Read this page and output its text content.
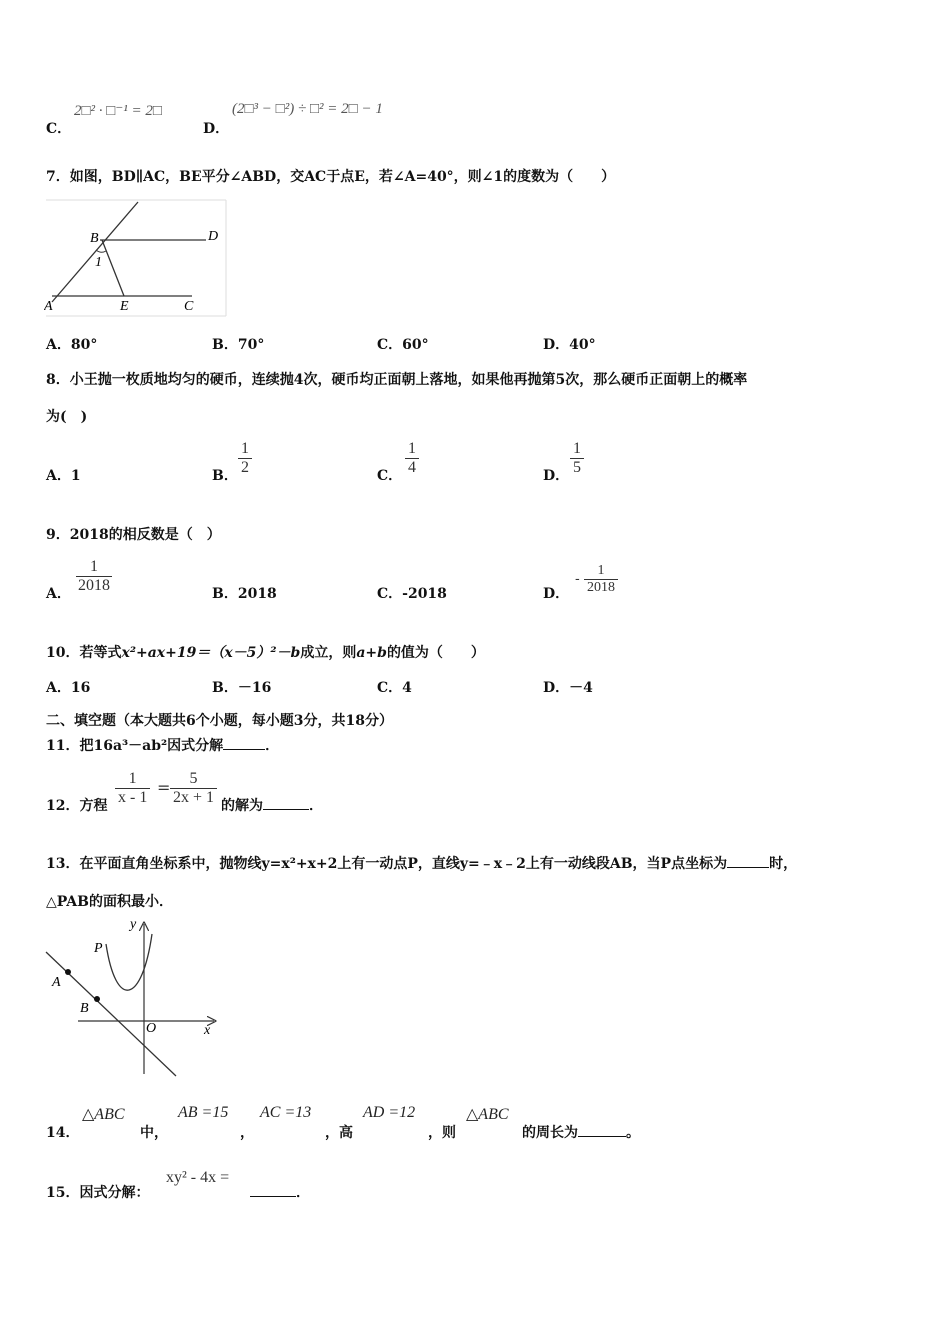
C．
2□² · □⁻¹ = 2□
D．
(2□³ − □²) ÷ □² = 2□ − 1
7．如图，BD∥AC，BE平分∠ABD，交AC于点E，若∠A=40°，则∠1的度数为（　　）
B	D
1
A	E	C
A．80°	B．70°	C．60°	D．40°
8．小王抛一枚质地均匀的硬币，连续抛4次，硬币均正面朝上落地，如果他再抛第5次，那么硬币正面朝上的概率
为(　)
A．1	B． $\frac{1}{2}$	C． $\frac{1}{4}$	D． $\frac{1}{5}$
9．2018的相反数是（　）
A． $\frac{1}{2018}$	B．2018	C．-2018	D．
- $\frac{1}{2018}$
10．若等式x²+ax+19＝（x－5）²－b成立，则a+b的值为（　　）
A．16	B．－16	C．4	D．－4
二、填空题（本大题共6个小题，每小题3分，共18分）
11．把16a³－ab²因式分解	．
12．方程 $\frac{1}{x - 1} = \frac{5}{2x + 1}$ 的解为	．
13．在平面直角坐标系中，抛物线y=x²+x+2上有一动点P，直线y=﹣x﹣2上有一动线段AB，当P点坐标为	时，
△PAB的面积最小．
y
P
A
B
O	x
14．
△ABC
中，
AB =15
，
AC =13
，高
AD =12
，则
△ABC
的周长为	。
15．因式分解：
xy² - 4x =
．
